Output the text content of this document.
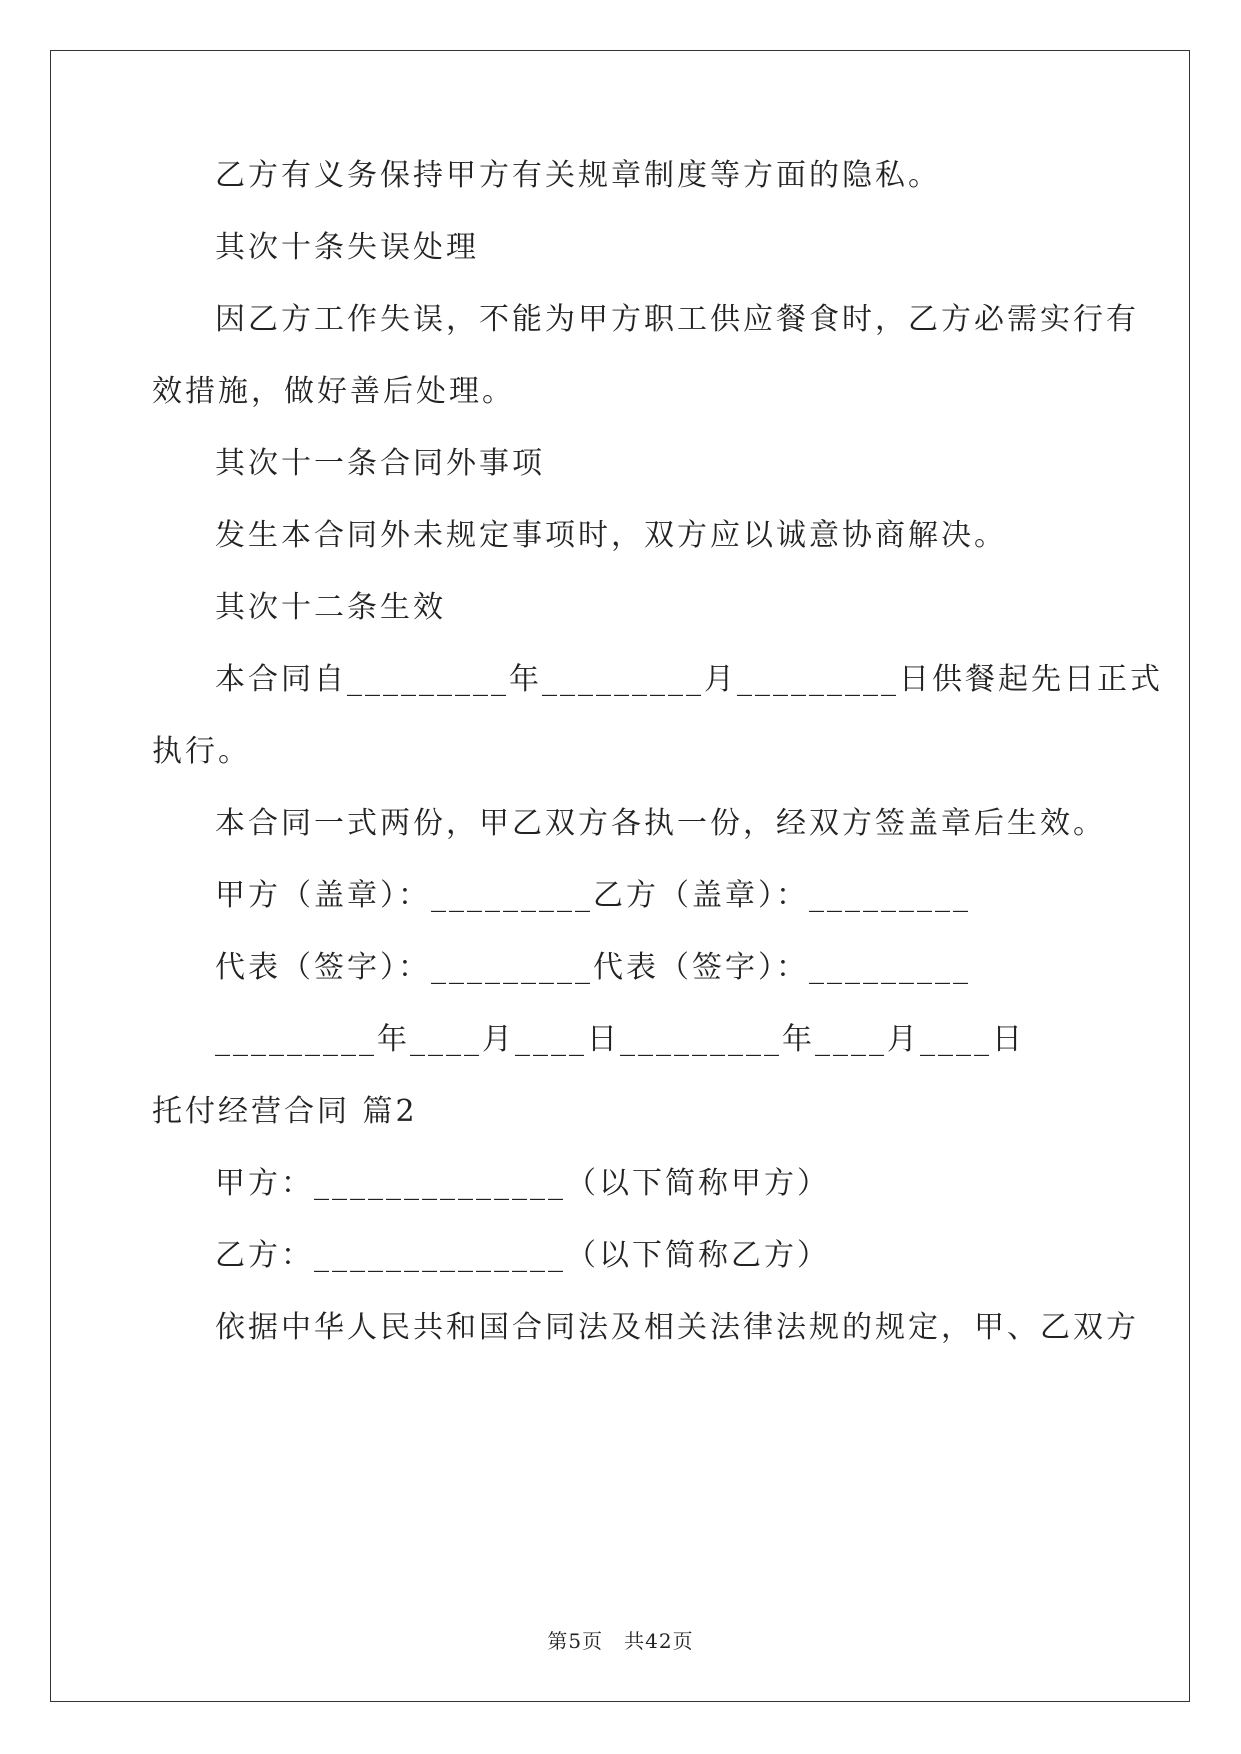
乙方有义务保持甲方有关规章制度等方面的隐私。
其次十条失误处理
因乙方工作失误，不能为甲方职工供应餐食时，乙方必需实行有
效措施，做好善后处理。
其次十一条合同外事项
发生本合同外未规定事项时，双方应以诚意协商解决。
其次十二条生效
本合同自_________年_________月_________日供餐起先日正式
执行。
本合同一式两份，甲乙双方各执一份，经双方签盖章后生效。
甲方（盖章）：_________乙方（盖章）：_________
代表（签字）：_________代表（签字）：_________
_________年____月____日_________年____月____日
托付经营合同 篇2
甲方：______________（以下简称甲方）
乙方：______________（以下简称乙方）
依据中华人民共和国合同法及相关法律法规的规定，甲、乙双方
第5页　共42页
